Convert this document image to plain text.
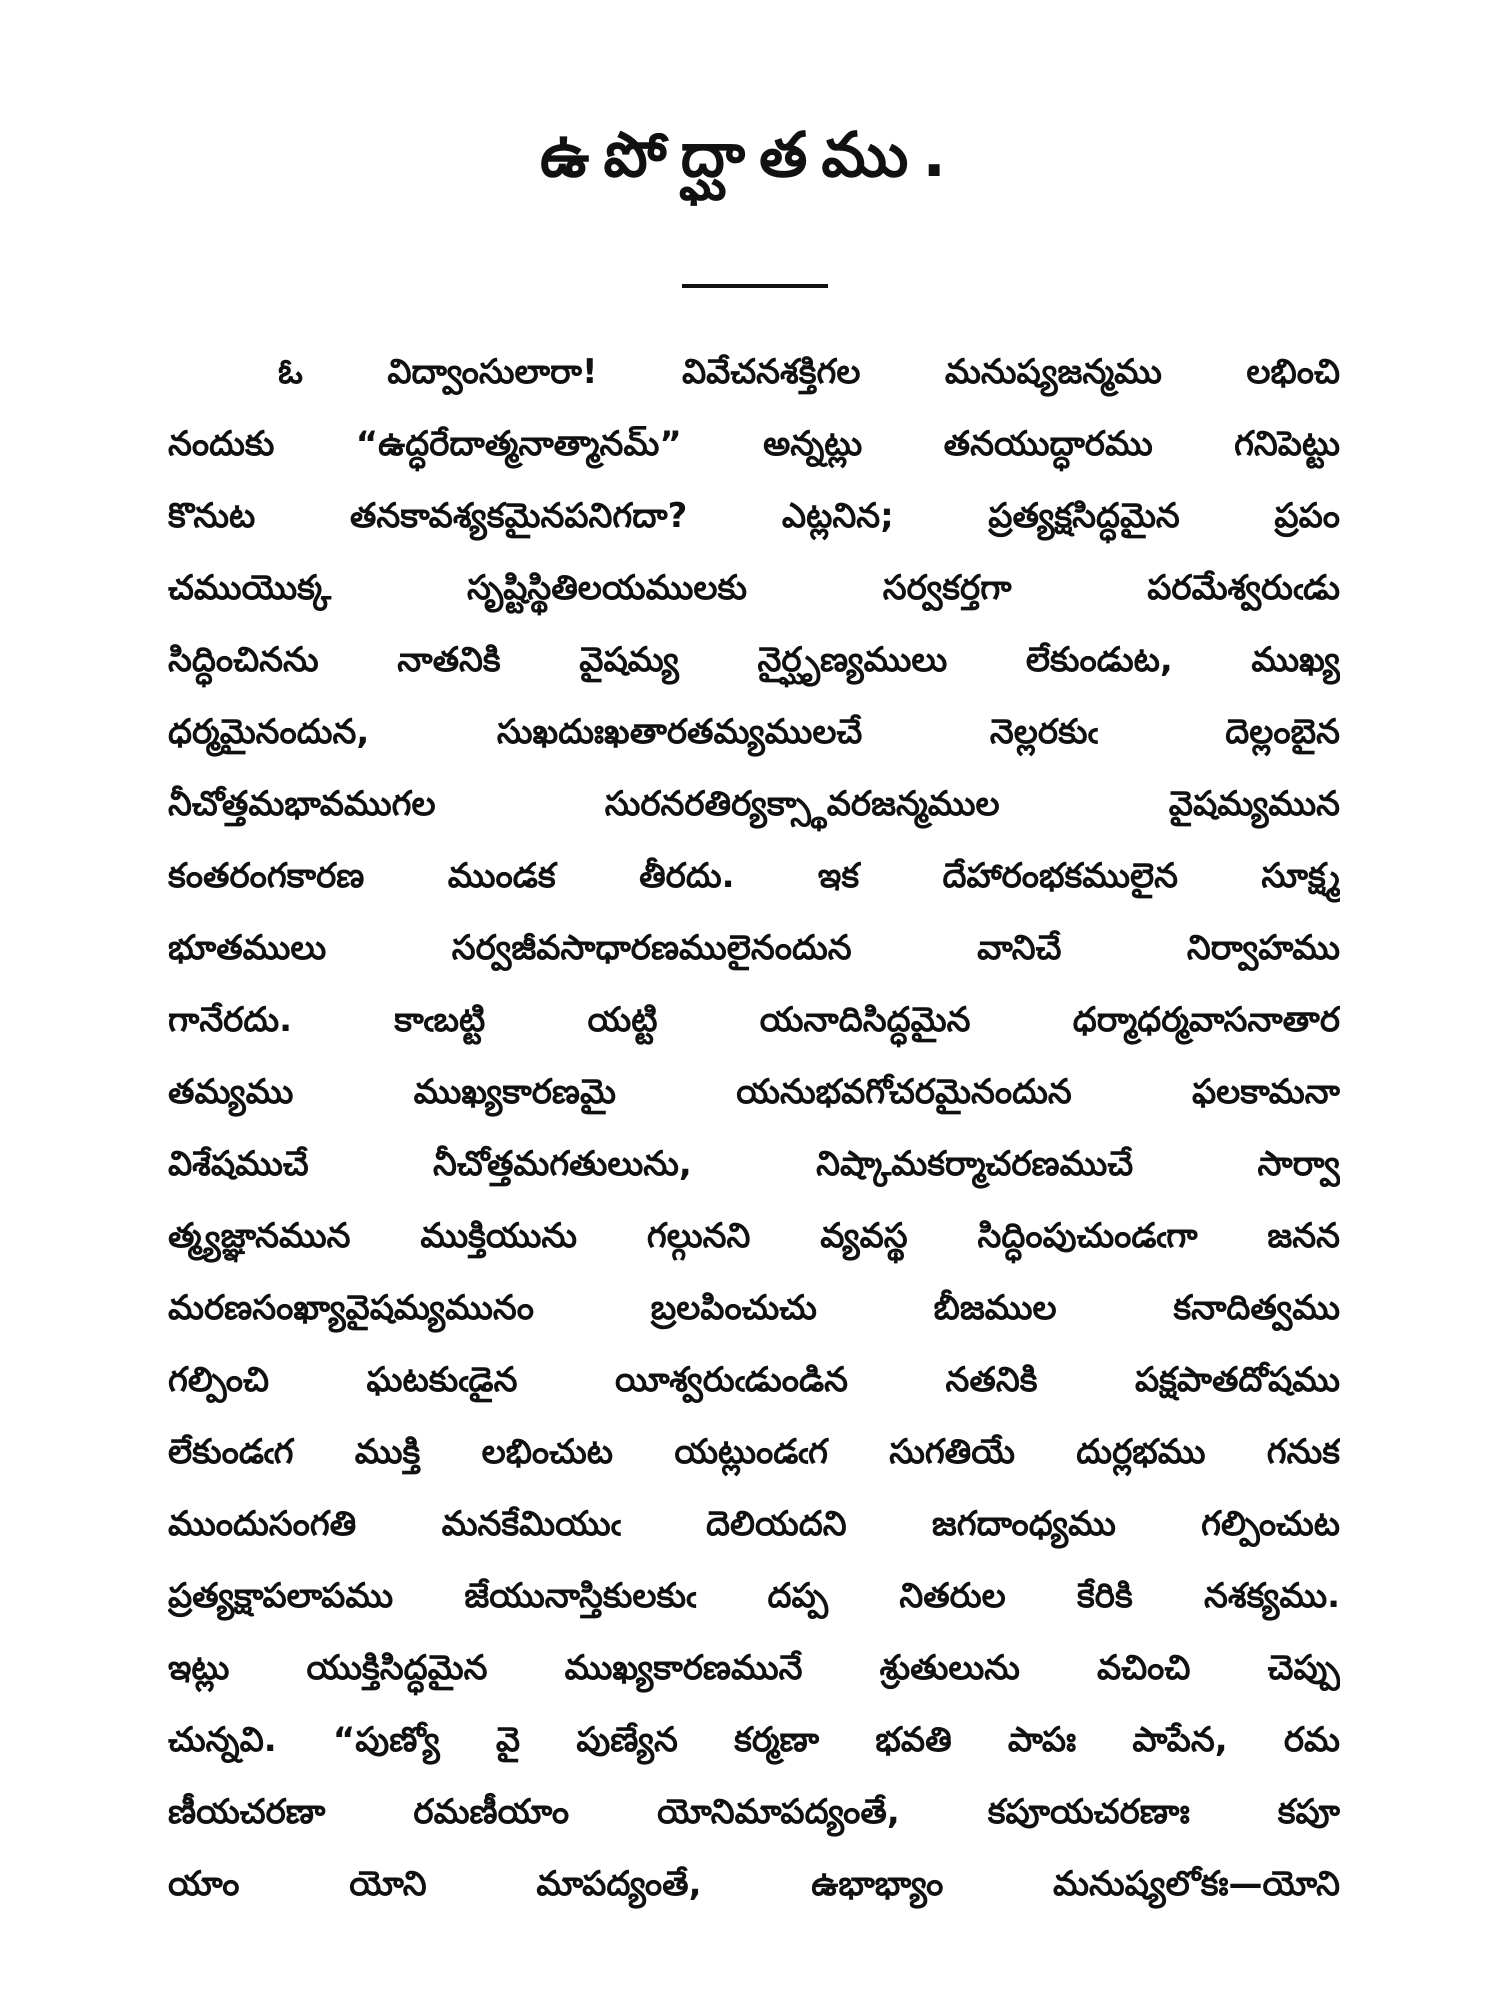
ఉపోద్ఘాతము.
ఓ విద్వాంసులారా! వివేచనశక్తిగల మనుష్యజన్మము లభించి
నందుకు “ఉద్ధరేదాత్మనాత్మానమ్” అన్నట్లు తనయుద్ధారము గనిపెట్టు
కొనుట తనకావశ్యకమైనపనిగదా? ఎట్లనిన; ప్రత్యక్షసిద్ధమైన ప్రపం
చముయొక్క సృష్టిస్థితిలయములకు సర్వకర్తగా పరమేశ్వరుఁడు
సిద్ధించినను నాతనికి వైషమ్య నైర్ఘృణ్యములు లేకుండుట, ముఖ్య
ధర్మమైనందున, సుఖదుఃఖతారతమ్యములచే నెల్లరకుఁ దెల్లంబైన
నీచోత్తమభావముగల సురనరతిర్యక్స్థావరజన్మముల వైషమ్యమున
కంతరంగకారణ ముండక తీరదు. ఇక దేహారంభకములైన సూక్ష్మ
భూతములు సర్వజీవసాధారణములైనందున వానిచే నిర్వాహము
గానేరదు. కాఁబట్టి యట్టి యనాదిసిద్ధమైన ధర్మాధర్మవాసనాతార
తమ్యము ముఖ్యకారణమై యనుభవగోచరమైనందున ఫలకామనా
విశేషముచే నీచోత్తమగతులును, నిష్కామకర్మాచరణముచే సార్వా
త్మ్యజ్ఞానమున ముక్తియును గల్గునని వ్యవస్థ సిద్ధింపుచుండఁగా జనన
మరణసంఖ్యావైషమ్యమునం బ్రలపించుచు బీజముల కనాదిత్వము
గల్పించి ఘటకుఁడైన యీశ్వరుఁడుండిన నతనికి పక్షపాతదోషము
లేకుండఁగ ముక్తి లభించుట యట్లుండఁగ సుగతియే దుర్లభము గనుక
ముందుసంగతి మనకేమియుఁ దెలియదని జగదాంధ్యము గల్పించుట
ప్రత్యక్షాపలాపము జేయునాస్తికులకుఁ దప్ప నితరుల కేరికి నశక్యము.
ఇట్లు యుక్తిసిద్ధమైన ముఖ్యకారణమునే శ్రుతులును వచించి చెప్పు
చున్నవి. “పుణ్యో వై పుణ్యేన కర్మణా భవతి పాపః పాపేన, రమ
ణీయచరణా రమణీయాం యోనిమాపద్యంతే, కపూయచరణాః కపూ
యాం యోని మాపద్యంతే, ఉభాభ్యాం మనుష్యలోకః—యోని
